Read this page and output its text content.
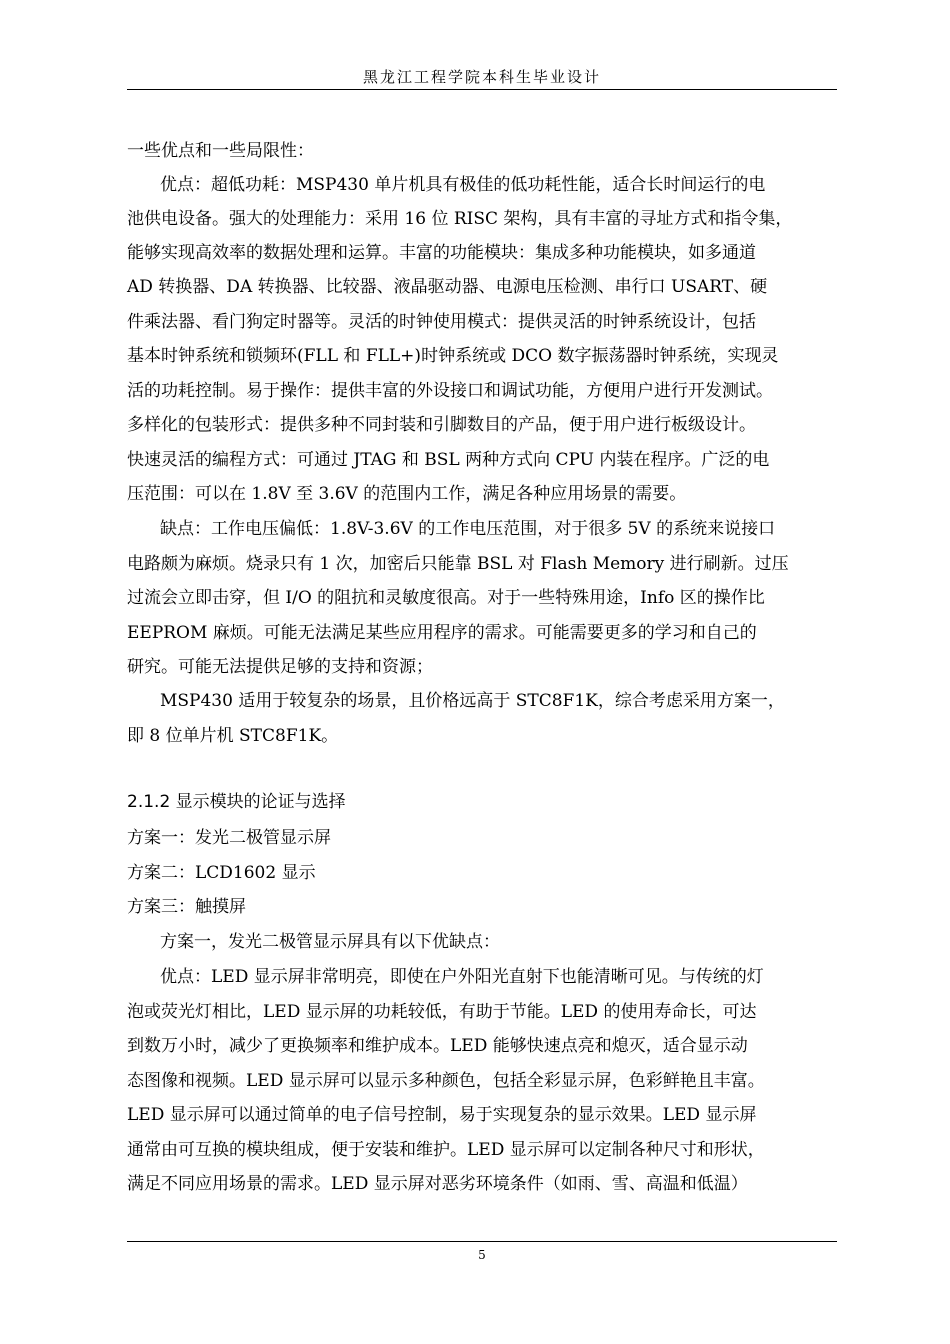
黑龙江工程学院本科生毕业设计
一些优点和一些局限性：
优点：超低功耗：MSP430 单片机具有极佳的低功耗性能，适合长时间运行的电
池供电设备。强大的处理能力：采用 16 位 RISC 架构，具有丰富的寻址方式和指令集，
能够实现高效率的数据处理和运算。丰富的功能模块：集成多种功能模块，如多通道
AD 转换器、DA 转换器、比较器、液晶驱动器、电源电压检测、串行口 USART、硬
件乘法器、看门狗定时器等。灵活的时钟使用模式：提供灵活的时钟系统设计，包括
基本时钟系统和锁频环(FLL 和 FLL+)时钟系统或 DCO 数字振荡器时钟系统，实现灵
活的功耗控制。易于操作：提供丰富的外设接口和调试功能，方便用户进行开发测试。
多样化的包装形式：提供多种不同封装和引脚数目的产品，便于用户进行板级设计。
快速灵活的编程方式：可通过 JTAG 和 BSL 两种方式向 CPU 内装在程序。广泛的电
压范围：可以在 1.8V 至 3.6V 的范围内工作，满足各种应用场景的需要。
缺点：工作电压偏低：1.8V-3.6V 的工作电压范围，对于很多 5V 的系统来说接口
电路颇为麻烦。烧录只有 1 次，加密后只能靠 BSL 对 Flash Memory 进行刷新。过压
过流会立即击穿，但 I/O 的阻抗和灵敏度很高。对于一些特殊用途，Info 区的操作比
EEPROM 麻烦。可能无法满足某些应用程序的需求。可能需要更多的学习和自己的
研究。可能无法提供足够的支持和资源；
MSP430 适用于较复杂的场景，且价格远高于 STC8F1K，综合考虑采用方案一，
即 8 位单片机 STC8F1K。
2.1.2 显示模块的论证与选择
方案一：发光二极管显示屏
方案二：LCD1602 显示
方案三：触摸屏
方案一，发光二极管显示屏具有以下优缺点：
优点：LED 显示屏非常明亮，即使在户外阳光直射下也能清晰可见。与传统的灯
泡或荧光灯相比，LED 显示屏的功耗较低，有助于节能。LED 的使用寿命长，可达
到数万小时，减少了更换频率和维护成本。LED 能够快速点亮和熄灭，适合显示动
态图像和视频。LED 显示屏可以显示多种颜色，包括全彩显示屏，色彩鲜艳且丰富。
LED 显示屏可以通过简单的电子信号控制，易于实现复杂的显示效果。LED 显示屏
通常由可互换的模块组成，便于安装和维护。LED 显示屏可以定制各种尺寸和形状，
满足不同应用场景的需求。LED 显示屏对恶劣环境条件（如雨、雪、高温和低温）
5
